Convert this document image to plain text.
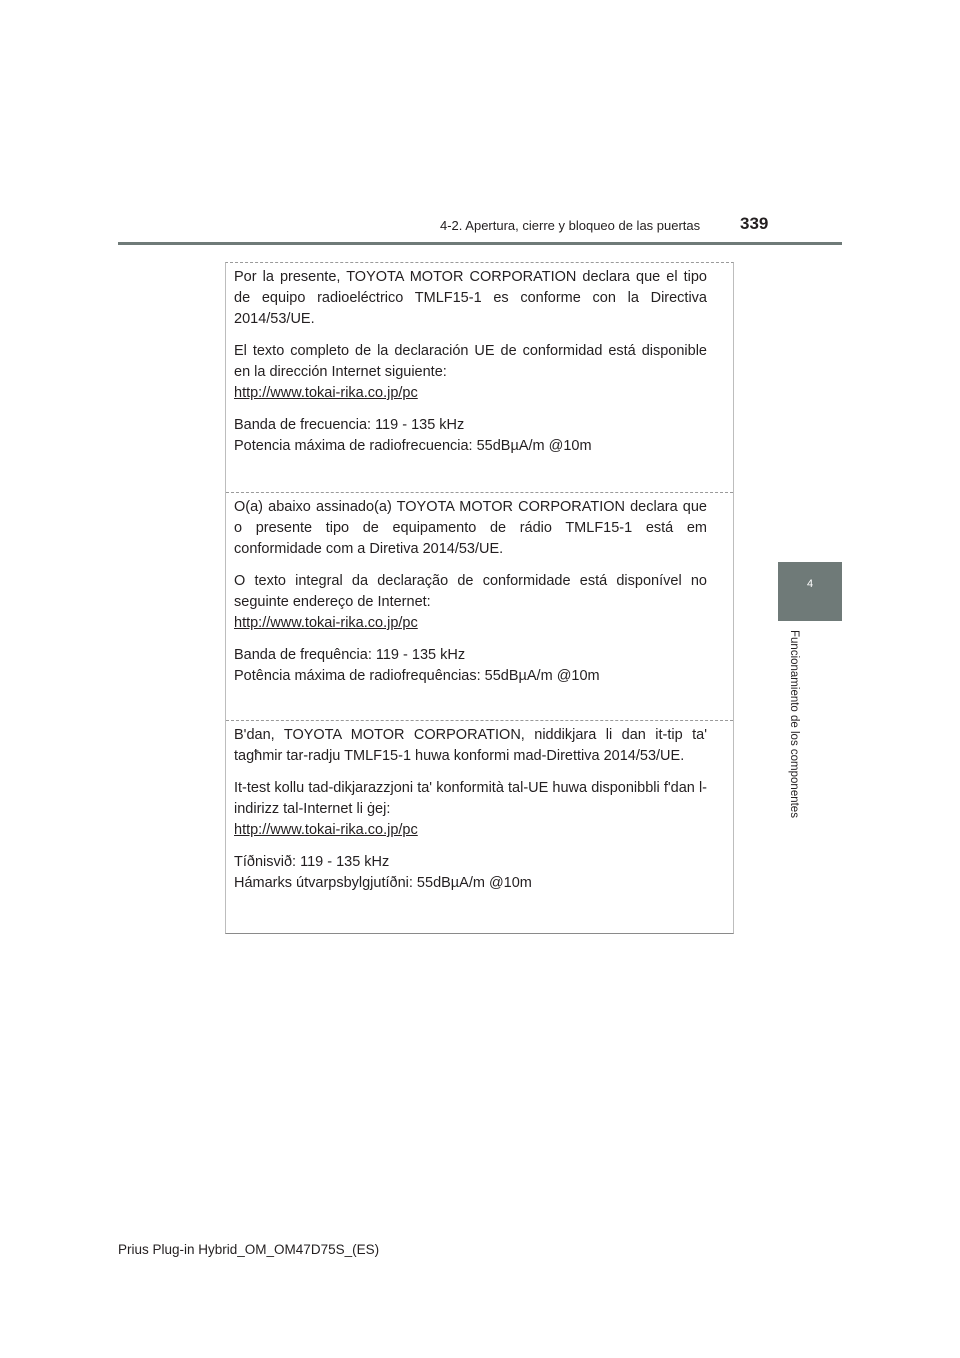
4-2. Apertura, cierre y bloqueo de las puertas 339
4
Funcionamiento de los componentes

Por la presente, TOYOTA MOTOR CORPORATION declara que el tipo de equipo radioeléctrico TMLF15-1 es conforme con la Directiva 2014/53/UE.

El texto completo de la declaración UE de conformidad está disponible en la dirección Internet siguiente:
http://www.tokai-rika.co.jp/pc

Banda de frecuencia: 119 - 135 kHz
Potencia máxima de radiofrecuencia: 55dBµA/m @10m

O(a) abaixo assinado(a) TOYOTA MOTOR CORPORATION declara que o presente tipo de equipamento de rádio TMLF15-1 está em conformidade com a Diretiva 2014/53/UE.

O texto integral da declaração de conformidade está disponível no seguinte endereço de Internet:
http://www.tokai-rika.co.jp/pc

Banda de frequência: 119 - 135 kHz
Potência máxima de radiofrequências: 55dBµA/m @10m

B'dan, TOYOTA MOTOR CORPORATION, niddikjara li dan it-tip ta' tagħmir tar-radju TMLF15-1 huwa konformi mad-Direttiva 2014/53/UE.

It-test kollu tad-dikjarazzjoni ta' konformità tal-UE huwa disponibbli f'dan l-indirizz tal-Internet li ġej:
http://www.tokai-rika.co.jp/pc

Tíðnisvið: 119 - 135 kHz
Hámarks útvarpsbylgjutíðni: 55dBµA/m @10m

Prius Plug-in Hybrid_OM_OM47D75S_(ES)
